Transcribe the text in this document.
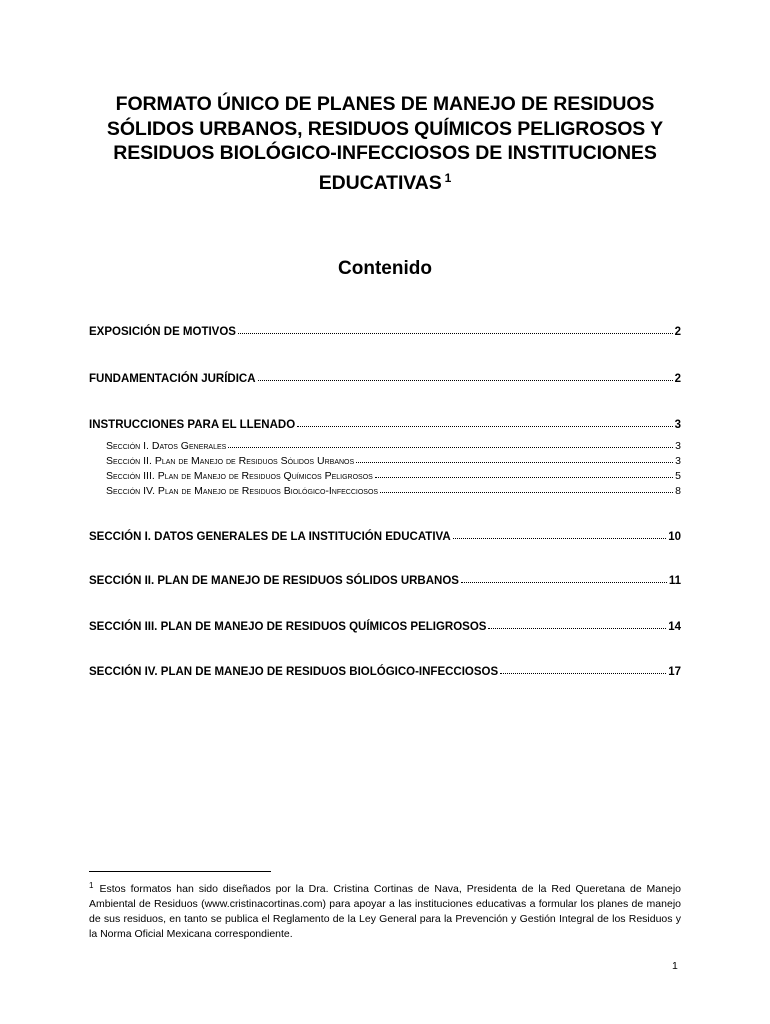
FORMATO ÚNICO DE PLANES DE MANEJO DE RESIDUOS
SÓLIDOS URBANOS, RESIDUOS QUÍMICOS PELIGROSOS Y
RESIDUOS BIOLÓGICO-INFECCIOSOS DE INSTITUCIONES
EDUCATIVAS $^1$
Contenido
EXPOSICIÓN DE MOTIVOS	2
FUNDAMENTACIÓN JURÍDICA	2
INSTRUCCIONES PARA EL LLENADO	3
Sección I. Datos Generales	3
Sección II. Plan de Manejo de Residuos Sólidos Urbanos	3
Sección III. Plan de Manejo de Residuos Químicos Peligrosos	5
Sección IV. Plan de Manejo de Residuos Biológico-Infecciosos	8
SECCIÓN I. DATOS GENERALES DE LA INSTITUCIÓN EDUCATIVA	10
SECCIÓN II. PLAN DE MANEJO DE RESIDUOS SÓLIDOS URBANOS	11
SECCIÓN III. PLAN DE MANEJO DE RESIDUOS QUÍMICOS PELIGROSOS	14
SECCIÓN IV. PLAN DE MANEJO DE RESIDUOS BIOLÓGICO-INFECCIOSOS	17
$^1$ Estos formatos han sido diseñados por la Dra. Cristina Cortinas de Nava, Presidenta de la Red Queretana de Manejo Ambiental de Residuos (www.cristinacortinas.com) para apoyar a las instituciones educativas a formular los planes de manejo de sus residuos, en tanto se publica el Reglamento de la Ley General para la Prevención y Gestión Integral de los Residuos y la Norma Oficial Mexicana correspondiente.
1
